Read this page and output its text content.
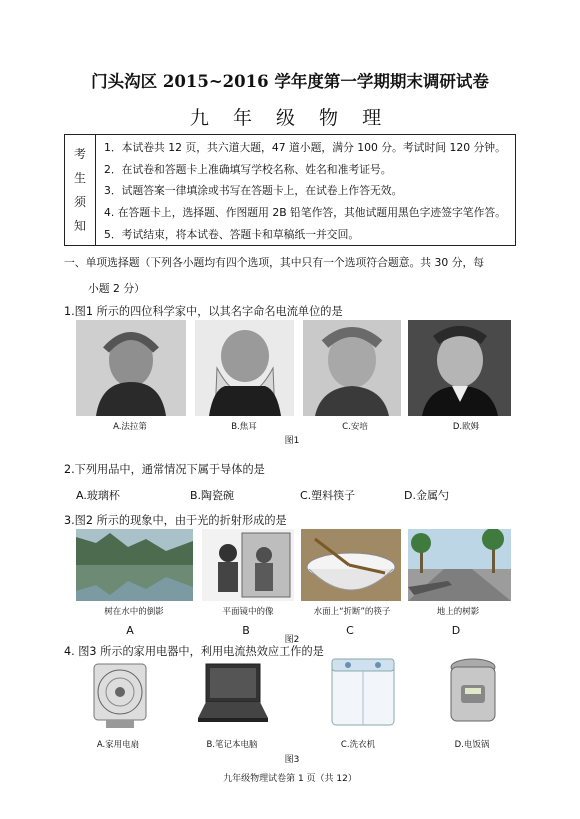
门头沟区 2015~2016 学年度第一学期期末调研试卷
九 年 级 物 理
考
生
须
知
1．本试卷共 12 页，共六道大题，47 道小题，满分 100 分。考试时间 120 分钟。
2．在试卷和答题卡上准确填写学校名称、姓名和准考证号。
3．试题答案一律填涂或书写在答题卡上，在试卷上作答无效。
4. 在答题卡上，选择题、作图题用 2B 铅笔作答，其他试题用黑色字迹签字笔作答。
5．考试结束，将本试卷、答题卡和草稿纸一并交回。
一、单项选择题（下列各小题均有四个选项，其中只有一个选项符合题意。共 30 分，每
小题 2 分）
1.图1 所示的四位科学家中，以其名字命名电流单位的是
A.法拉第	B.焦耳	C.安培	D.欧姆
图1
2.下列用品中，通常情况下属于导体的是
A.玻璃杯	B.陶瓷碗	C.塑料筷子	D.金属勺
3.图2 所示的现象中，由于光的折射形成的是
树在水中的倒影	平面镜中的像	水面上“折断”的筷子	地上的树影
A	B	C	D
图2
4. 图3 所示的家用电器中，利用电流热效应工作的是
A.家用电扇	B.笔记本电脑	C.洗衣机	D.电饭锅
图3
九年级物理试卷第 1 页（共 12）
